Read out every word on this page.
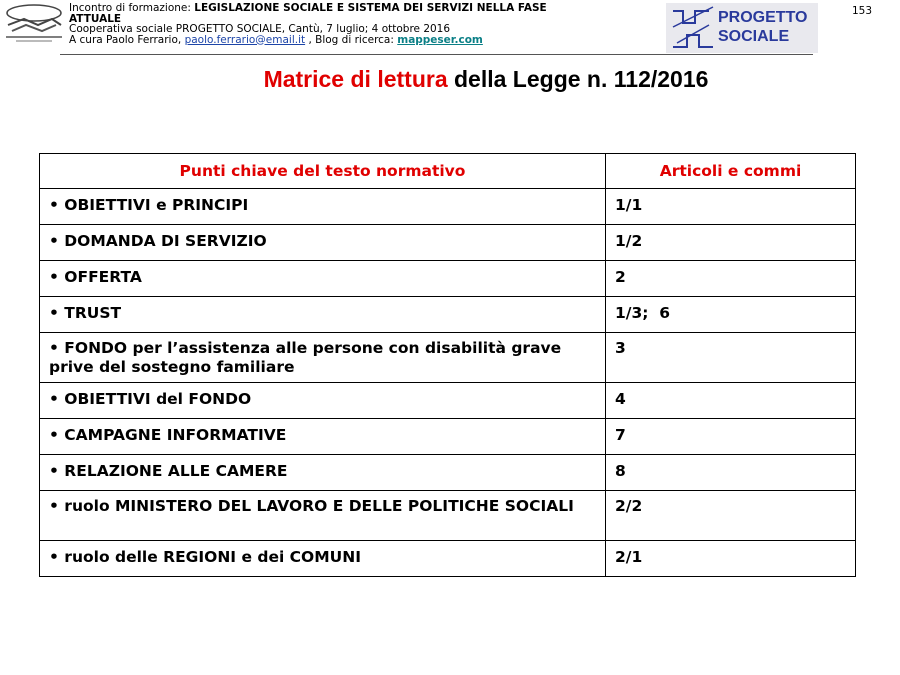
Incontro di formazione: LEGISLAZIONE SOCIALE E SISTEMA DEI SERVIZI NELLA FASE
ATTUALE
Cooperativa sociale PROGETTO SOCIALE, Cantù, 7 luglio; 4 ottobre 2016
A cura Paolo Ferrario, paolo.ferrario@email.it , Blog di ricerca: mappeser.com
PROGETTO
SOCIALE
153
Matrice di lettura della Legge n. 112/2016
Punti chiave del testo normativo	Articoli e commi
• OBIETTIVI e PRINCIPI	1/1
• DOMANDA DI SERVIZIO	1/2
• OFFERTA	2
• TRUST	1/3;  6
• FONDO per l’assistenza alle persone con disabilità grave prive del sostegno familiare	3
• OBIETTIVI del FONDO	4
• CAMPAGNE INFORMATIVE	7
• RELAZIONE ALLE CAMERE	8
• ruolo MINISTERO DEL LAVORO E DELLE POLITICHE SOCIALI	2/2
• ruolo delle REGIONI e dei COMUNI	2/1
